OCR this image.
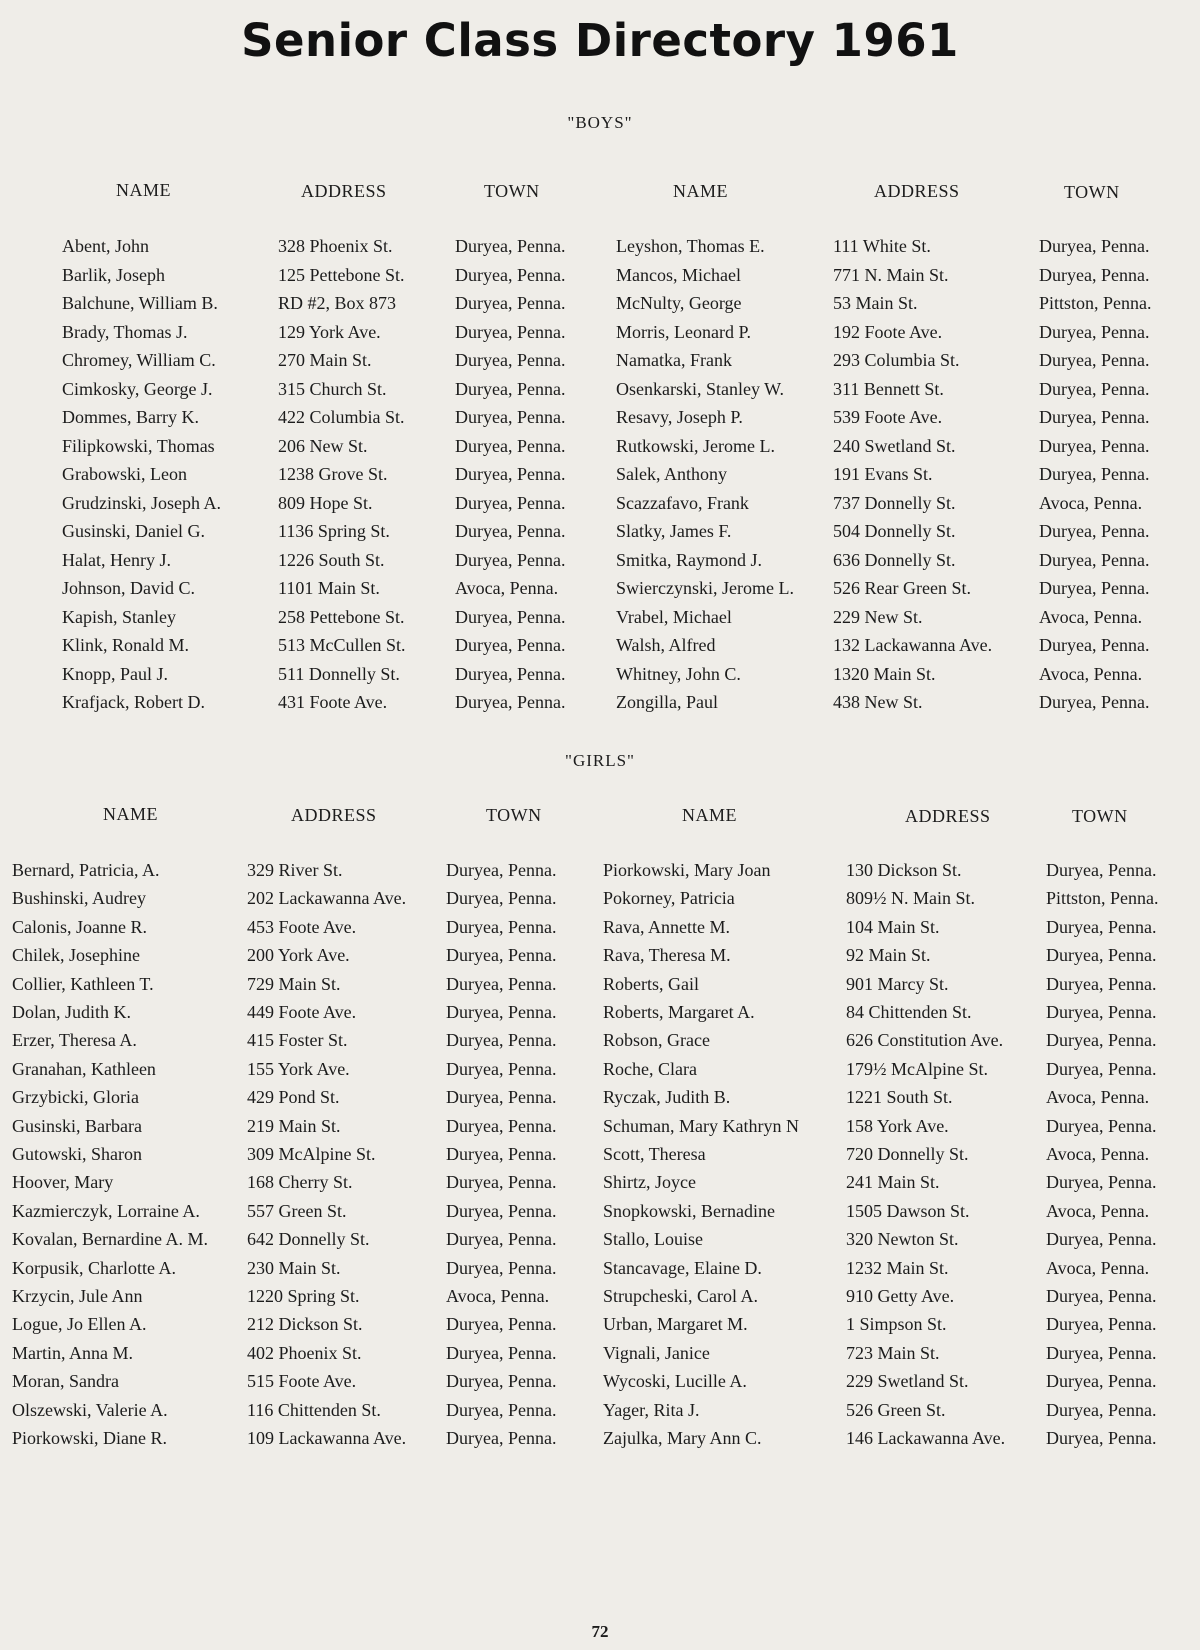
Senior Class Directory 1961
"BOYS"
NAME	ADDRESS	TOWN	NAME	ADDRESS	TOWN
Abent, John	328 Phoenix St.	Duryea, Penna.	Leyshon, Thomas E.	111 White St.	Duryea, Penna.
Barlik, Joseph	125 Pettebone St.	Duryea, Penna.	Mancos, Michael	771 N. Main St.	Duryea, Penna.
Balchune, William B.	RD #2, Box 873	Duryea, Penna.	McNulty, George	53 Main St.	Pittston, Penna.
Brady, Thomas J.	129 York Ave.	Duryea, Penna.	Morris, Leonard P.	192 Foote Ave.	Duryea, Penna.
Chromey, William C.	270 Main St.	Duryea, Penna.	Namatka, Frank	293 Columbia St.	Duryea, Penna.
Cimkosky, George J.	315 Church St.	Duryea, Penna.	Osenkarski, Stanley W.	311 Bennett St.	Duryea, Penna.
Dommes, Barry K.	422 Columbia St.	Duryea, Penna.	Resavy, Joseph P.	539 Foote Ave.	Duryea, Penna.
Filipkowski, Thomas	206 New St.	Duryea, Penna.	Rutkowski, Jerome L.	240 Swetland St.	Duryea, Penna.
Grabowski, Leon	1238 Grove St.	Duryea, Penna.	Salek, Anthony	191 Evans St.	Duryea, Penna.
Grudzinski, Joseph A.	809 Hope St.	Duryea, Penna.	Scazzafavo, Frank	737 Donnelly St.	Avoca, Penna.
Gusinski, Daniel G.	1136 Spring St.	Duryea, Penna.	Slatky, James F.	504 Donnelly St.	Duryea, Penna.
Halat, Henry J.	1226 South St.	Duryea, Penna.	Smitka, Raymond J.	636 Donnelly St.	Duryea, Penna.
Johnson, David C.	1101 Main St.	Avoca, Penna.	Swierczynski, Jerome L. 526 Rear Green St.	Duryea, Penna.
Kapish, Stanley	258 Pettebone St.	Duryea, Penna.	Vrabel, Michael	229 New St.	Avoca, Penna.
Klink, Ronald M.	513 McCullen St.	Duryea, Penna.	Walsh, Alfred	132 Lackawanna Ave.	Duryea, Penna.
Knopp, Paul J.	511 Donnelly St.	Duryea, Penna.	Whitney, John C.	1320 Main St.	Avoca, Penna.
Krafjack, Robert D.	431 Foote Ave.	Duryea, Penna.	Zongilla, Paul	438 New St.	Duryea, Penna.
"GIRLS"
NAME	ADDRESS	TOWN	NAME	ADDRESS	TOWN
Bernard, Patricia, A.	329 River St.	Duryea, Penna.	Piorkowski, Mary Joan	130 Dickson St.	Duryea, Penna.
Bushinski, Audrey	202 Lackawanna Ave. Duryea, Penna.	Pokorney, Patricia	809½ N. Main St.	Pittston, Penna.
Calonis, Joanne R.	453 Foote Ave.	Duryea, Penna.	Rava, Annette M.	104 Main St.	Duryea, Penna.
Chilek, Josephine	200 York Ave.	Duryea, Penna.	Rava, Theresa M.	92 Main St.	Duryea, Penna.
Collier, Kathleen T.	729 Main St.	Duryea, Penna.	Roberts, Gail	901 Marcy St.	Duryea, Penna.
Dolan, Judith K.	449 Foote Ave.	Duryea, Penna.	Roberts, Margaret A.	84 Chittenden St.	Duryea, Penna.
Erzer, Theresa A.	415 Foster St.	Duryea, Penna.	Robson, Grace	626 Constitution Ave. Duryea, Penna.
Granahan, Kathleen	155 York Ave.	Duryea, Penna.	Roche, Clara	179½ McAlpine St.	Duryea, Penna.
Grzybicki, Gloria	429 Pond St.	Duryea, Penna.	Ryczak, Judith B.	1221 South St.	Avoca, Penna.
Gusinski, Barbara	219 Main St.	Duryea, Penna.	Schuman, Mary Kathryn N	158 York Ave.	Duryea, Penna.
Gutowski, Sharon	309 McAlpine St.	Duryea, Penna.	Scott, Theresa	720 Donnelly St.	Avoca, Penna.
Hoover, Mary	168 Cherry St.	Duryea, Penna.	Shirtz, Joyce	241 Main St.	Duryea, Penna.
Kazmierczyk, Lorraine A.	557 Green St.	Duryea, Penna.	Snopkowski, Bernadine	1505 Dawson St.	Avoca, Penna.
Kovalan, Bernardine A. M. 642 Donnelly St.	Duryea, Penna.	Stallo, Louise	320 Newton St.	Duryea, Penna.
Korpusik, Charlotte A.	230 Main St.	Duryea, Penna.	Stancavage, Elaine D.	1232 Main St.	Avoca, Penna.
Krzycin, Jule Ann	1220 Spring St.	Avoca, Penna.	Strupcheski, Carol A.	910 Getty Ave.	Duryea, Penna.
Logue, Jo Ellen A.	212 Dickson St.	Duryea, Penna.	Urban, Margaret M.	1 Simpson St.	Duryea, Penna.
Martin, Anna M.	402 Phoenix St.	Duryea, Penna.	Vignali, Janice	723 Main St.	Duryea, Penna.
Moran, Sandra	515 Foote Ave.	Duryea, Penna.	Wycoski, Lucille A.	229 Swetland St.	Duryea, Penna.
Olszewski, Valerie A.	116 Chittenden St.	Duryea, Penna.	Yager, Rita J.	526 Green St.	Duryea, Penna.
Piorkowski, Diane R.	109 Lackawanna Ave. Duryea, Penna.	Zajulka, Mary Ann C.	146 Lackawanna Ave. Duryea, Penna.
72
